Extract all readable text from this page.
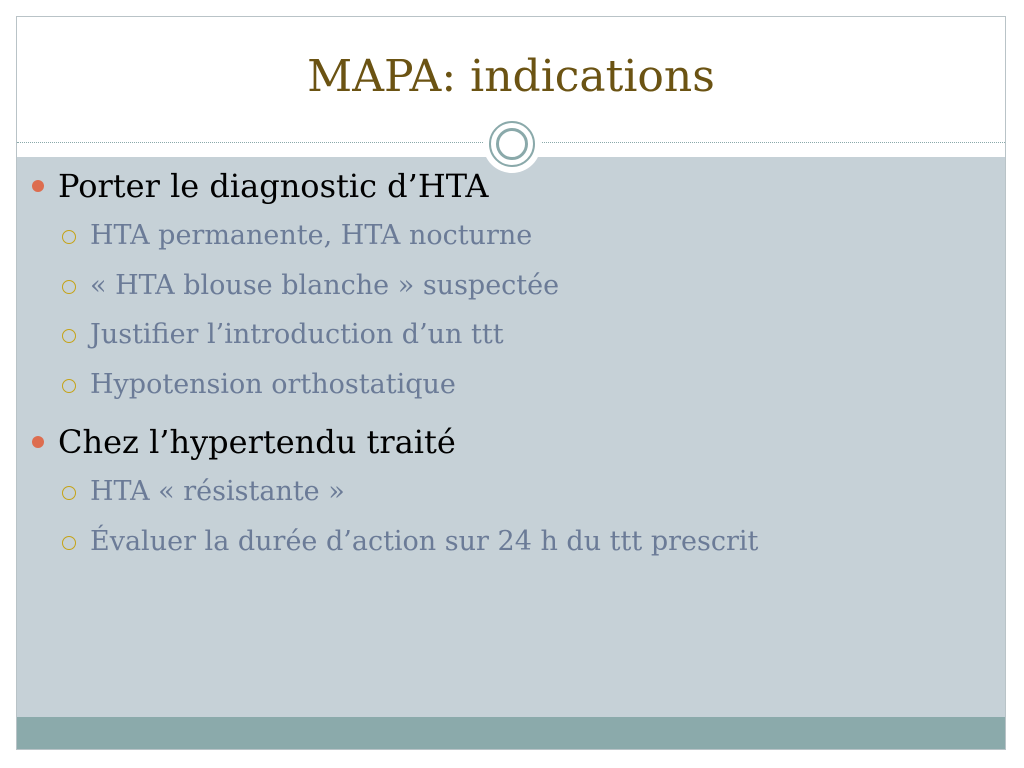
MAPA: indications
Porter le diagnostic d’HTA
HTA permanente, HTA nocturne
« HTA blouse blanche » suspectée
Justifier l’introduction d’un ttt
Hypotension orthostatique
Chez l’hypertendu traité
HTA « résistante »
Évaluer la durée d’action sur 24 h du ttt prescrit
